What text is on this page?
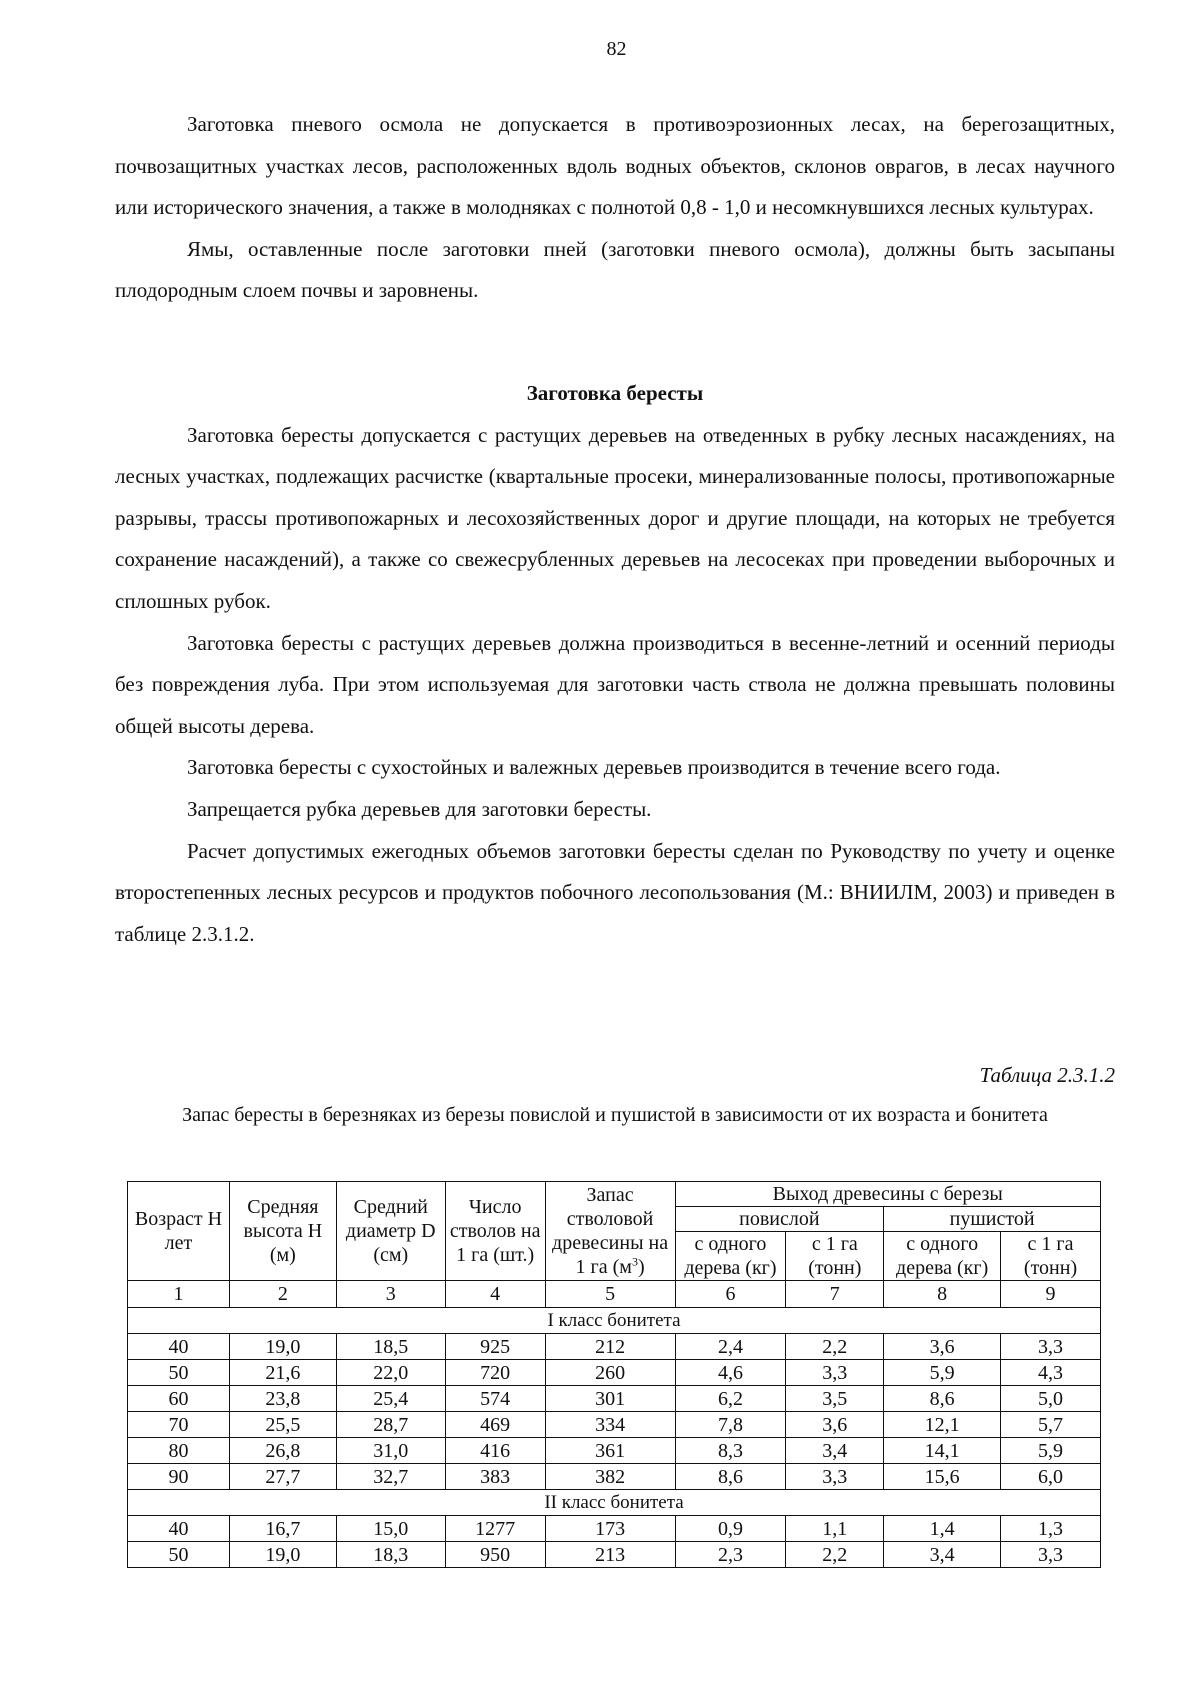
82

Заготовка пневого осмола не допускается в противоэрозионных лесах, на берегозащитных, почвозащитных участках лесов, расположенных вдоль водных объектов, склонов оврагов, в лесах научного или исторического значения, а также в молодняках с полнотой 0,8 - 1,0 и несомкнувшихся лесных культурах.

Ямы, оставленные после заготовки пней (заготовки пневого осмола), должны быть засыпаны плодородным слоем почвы и заровнены.

Заготовка бересты

Заготовка бересты допускается с растущих деревьев на отведенных в рубку лесных насаждениях, на лесных участках, подлежащих расчистке (квартальные просеки, минерализованные полосы, противопожарные разрывы, трассы противопожарных и лесохозяйственных дорог и другие площади, на которых не требуется сохранение насаждений), а также со свежесрубленных деревьев на лесосеках при проведении выборочных и сплошных рубок.

Заготовка бересты с растущих деревьев должна производиться в весенне-летний и осенний периоды без повреждения луба. При этом используемая для заготовки часть ствола не должна превышать половины общей высоты дерева.

Заготовка бересты с сухостойных и валежных деревьев производится в течение всего года.

Запрещается рубка деревьев для заготовки бересты.

Расчет допустимых ежегодных объемов заготовки бересты сделан по Руководству по учету и оценке второстепенных лесных ресурсов и продуктов побочного лесопользования (М.: ВНИИЛМ, 2003) и приведен в таблице 2.3.1.2.

Таблица 2.3.1.2

Запас бересты в березняках из березы повислой и пушистой в зависимости от их возраста и бонитета

Возраст Н лет	Средняя высота Н (м)	Средний диаметр D (см)	Число стволов на 1 га (шт.)	Запас стволовой древесины на 1 га $(м^3)$	Выход древесины с березы			
					повислой		пушистой	
					с одного дерева (кг)	с 1 га (тонн)	с одного дерева (кг)	с 1 га (тонн)
1	2	3	4	5	6	7	8	9
I класс бонитета								
40	19,0	18,5	925	212	2,4	2,2	3,6	3,3
50	21,6	22,0	720	260	4,6	3,3	5,9	4,3
60	23,8	25,4	574	301	6,2	3,5	8,6	5,0
70	25,5	28,7	469	334	7,8	3,6	12,1	5,7
80	26,8	31,0	416	361	8,3	3,4	14,1	5,9
90	27,7	32,7	383	382	8,6	3,3	15,6	6,0
II класс бонитета								
40	16,7	15,0	1277	173	0,9	1,1	1,4	1,3
50	19,0	18,3	950	213	2,3	2,2	3,4	3,3
